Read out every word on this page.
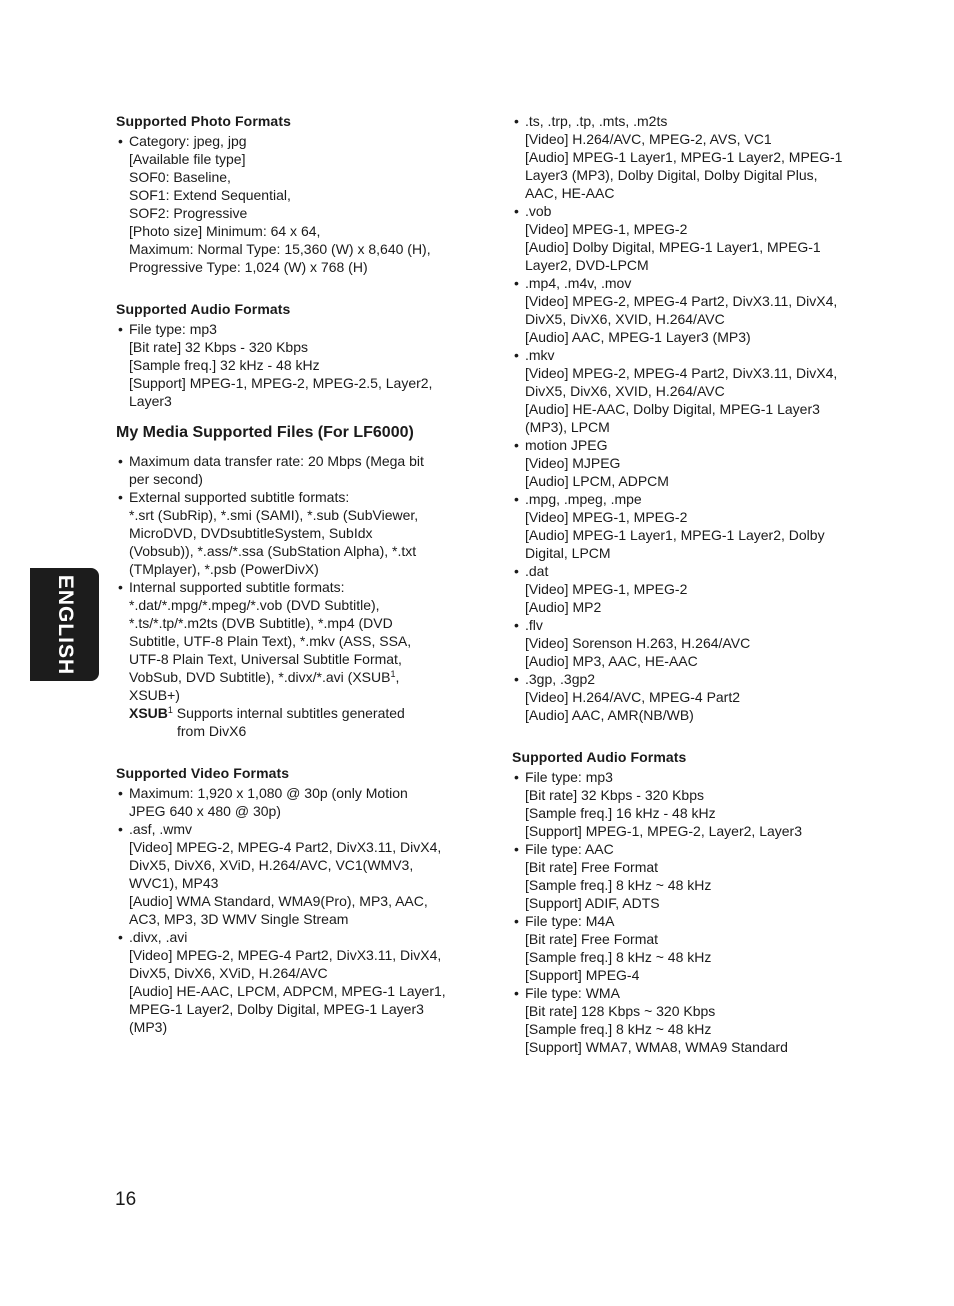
Supported Photo Formats
• Category: jpeg, jpg
[Available file type]
SOF0: Baseline,
SOF1: Extend Sequential,
SOF2: Progressive
[Photo size] Minimum: 64 x 64,
Maximum: Normal Type: 15,360 (W) x 8,640 (H),
Progressive Type: 1,024 (W) x 768 (H)
Supported Audio Formats
• File type: mp3
[Bit rate] 32 Kbps - 320 Kbps
[Sample freq.] 32 kHz - 48 kHz
[Support] MPEG-1, MPEG-2, MPEG-2.5, Layer2,
Layer3
My Media Supported Files (For LF6000)
• Maximum data transfer rate: 20 Mbps (Mega bit
per second)
• External supported subtitle formats:
*.srt (SubRip), *.smi (SAMI), *.sub (SubViewer,
MicroDVD, DVDsubtitleSystem, SubIdx
(Vobsub)), *.ass/*.ssa (SubStation Alpha), *.txt
(TMplayer), *.psb (PowerDivX)
• Internal supported subtitle formats:
*.dat/*.mpg/*.mpeg/*.vob (DVD Subtitle),
*.ts/*.tp/*.m2ts (DVB Subtitle), *.mp4 (DVD
Subtitle, UTF-8 Plain Text), *.mkv (ASS, SSA,
UTF-8 Plain Text, Universal Subtitle Format,
VobSub, DVD Subtitle), *.divx/*.avi (XSUB$^1$,
XSUB+)
XSUB$^1$ Supports internal subtitles generated
from DivX6
Supported Video Formats
• Maximum: 1,920 x 1,080 @ 30p (only Motion
JPEG 640 x 480 @ 30p)
• .asf, .wmv
[Video] MPEG-2, MPEG-4 Part2, DivX3.11, DivX4,
DivX5, DivX6, XViD, H.264/AVC, VC1(WMV3,
WVC1), MP43
[Audio] WMA Standard, WMA9(Pro), MP3, AAC,
AC3, MP3, 3D WMV Single Stream
• .divx, .avi
[Video] MPEG-2, MPEG-4 Part2, DivX3.11, DivX4,
DivX5, DivX6, XViD, H.264/AVC
[Audio] HE-AAC, LPCM, ADPCM, MPEG-1 Layer1,
MPEG-1 Layer2, Dolby Digital, MPEG-1 Layer3
(MP3)
• .ts, .trp, .tp, .mts, .m2ts
[Video] H.264/AVC, MPEG-2, AVS, VC1
[Audio] MPEG-1 Layer1, MPEG-1 Layer2, MPEG-1
Layer3 (MP3), Dolby Digital, Dolby Digital Plus,
AAC, HE-AAC
• .vob
[Video] MPEG-1, MPEG-2
[Audio] Dolby Digital, MPEG-1 Layer1, MPEG-1
Layer2, DVD-LPCM
• .mp4, .m4v, .mov
[Video] MPEG-2, MPEG-4 Part2, DivX3.11, DivX4,
DivX5, DivX6, XVID, H.264/AVC
[Audio] AAC, MPEG-1 Layer3 (MP3)
• .mkv
[Video] MPEG-2, MPEG-4 Part2, DivX3.11, DivX4,
DivX5, DivX6, XVID, H.264/AVC
[Audio] HE-AAC, Dolby Digital, MPEG-1 Layer3
(MP3), LPCM
• motion JPEG
[Video] MJPEG
[Audio] LPCM, ADPCM
• .mpg, .mpeg, .mpe
[Video] MPEG-1, MPEG-2
[Audio] MPEG-1 Layer1, MPEG-1 Layer2, Dolby
Digital, LPCM
• .dat
[Video] MPEG-1, MPEG-2
[Audio] MP2
• .flv
[Video] Sorenson H.263, H.264/AVC
[Audio] MP3, AAC, HE-AAC
• .3gp, .3gp2
[Video] H.264/AVC, MPEG-4 Part2
[Audio] AAC, AMR(NB/WB)
Supported Audio Formats
• File type: mp3
[Bit rate] 32 Kbps - 320 Kbps
[Sample freq.] 16 kHz - 48 kHz
[Support] MPEG-1, MPEG-2, Layer2, Layer3
• File type: AAC
[Bit rate] Free Format
[Sample freq.] 8 kHz ~ 48 kHz
[Support] ADIF, ADTS
• File type: M4A
[Bit rate] Free Format
[Sample freq.] 8 kHz ~ 48 kHz
[Support] MPEG-4
• File type: WMA
[Bit rate] 128 Kbps ~ 320 Kbps
[Sample freq.] 8 kHz ~ 48 kHz
[Support] WMA7, WMA8, WMA9 Standard
ENGLISH
16
